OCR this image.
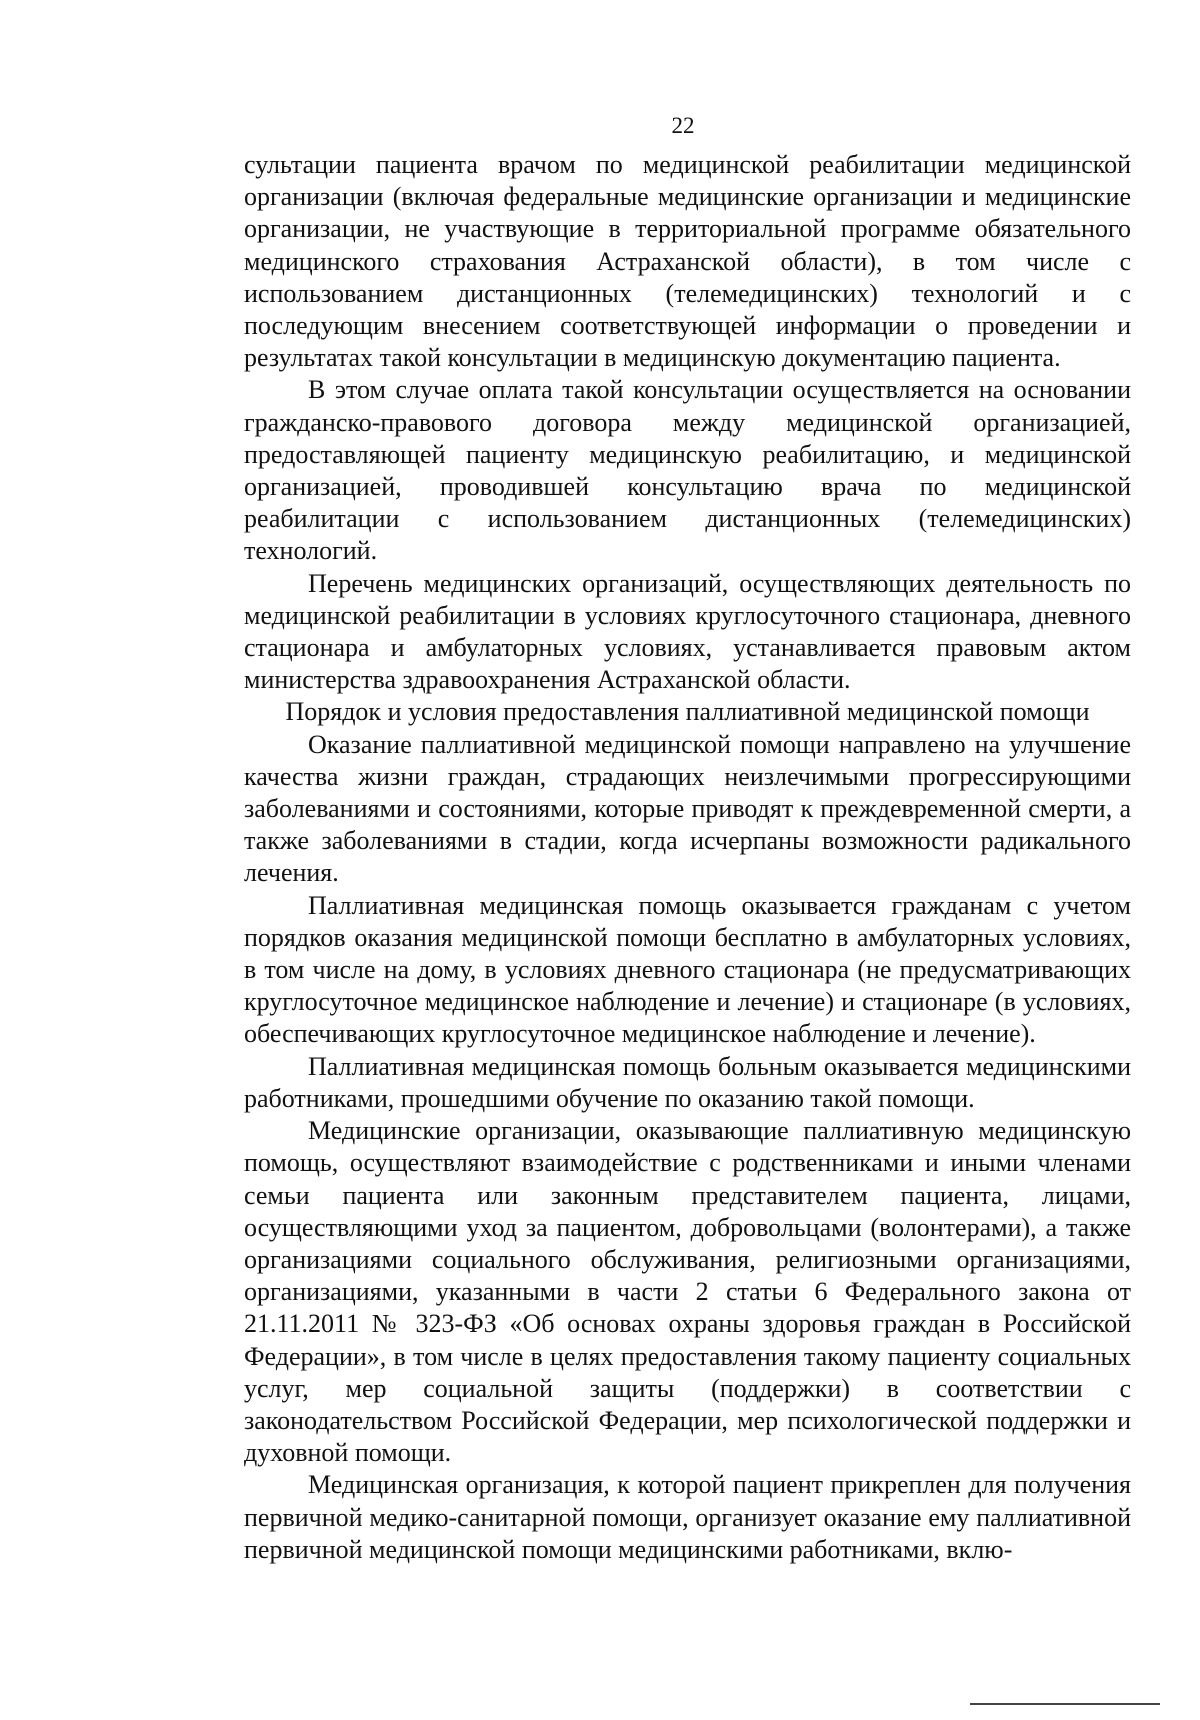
22

сультации пациента врачом по медицинской реабилитации медицинской организации (включая федеральные медицинские организации и медицинские организации, не участвующие в территориальной программе обязательного медицинского страхования Астраханской области), в том числе с использованием дистанционных (телемедицинских) технологий и с последующим внесением соответствующей информации о проведении и результатах такой консультации в медицинскую документацию пациента.

В этом случае оплата такой консультации осуществляется на основании гражданско-правового договора между медицинской организацией, предоставляющей пациенту медицинскую реабилитацию, и медицинской организацией, проводившей консультацию врача по медицинской реабилитации с использованием дистанционных (телемедицинских) технологий.

Перечень медицинских организаций, осуществляющих деятельность по медицинской реабилитации в условиях круглосуточного стационара, дневного стационара и амбулаторных условиях, устанавливается правовым актом министерства здравоохранения Астраханской области.

Порядок и условия предоставления паллиативной медицинской помощи

Оказание паллиативной медицинской помощи направлено на улучшение качества жизни граждан, страдающих неизлечимыми прогрессирующими заболеваниями и состояниями, которые приводят к преждевременной смерти, а также заболеваниями в стадии, когда исчерпаны возможности радикального лечения.

Паллиативная медицинская помощь оказывается гражданам с учетом порядков оказания медицинской помощи бесплатно в амбулаторных условиях, в том числе на дому, в условиях дневного стационара (не предусматривающих круглосуточное медицинское наблюдение и лечение) и стационаре (в условиях, обеспечивающих круглосуточное медицинское наблюдение и лечение).

Паллиативная медицинская помощь больным оказывается медицинскими работниками, прошедшими обучение по оказанию такой помощи.

Медицинские организации, оказывающие паллиативную медицинскую помощь, осуществляют взаимодействие с родственниками и иными членами семьи пациента или законным представителем пациента, лицами, осуществляющими уход за пациентом, добровольцами (волонтерами), а также организациями социального обслуживания, религиозными организациями, организациями, указанными в части 2 статьи 6 Федерального закона от 21.11.2011 № 323-ФЗ «Об основах охраны здоровья граждан в Российской Федерации», в том числе в целях предоставления такому пациенту социальных услуг, мер социальной защиты (поддержки) в соответствии с законодательством Российской Федерации, мер психологической поддержки и духовной помощи.

Медицинская организация, к которой пациент прикреплен для получения первичной медико-санитарной помощи, организует оказание ему паллиативной первичной медицинской помощи медицинскими работниками, вклю-
